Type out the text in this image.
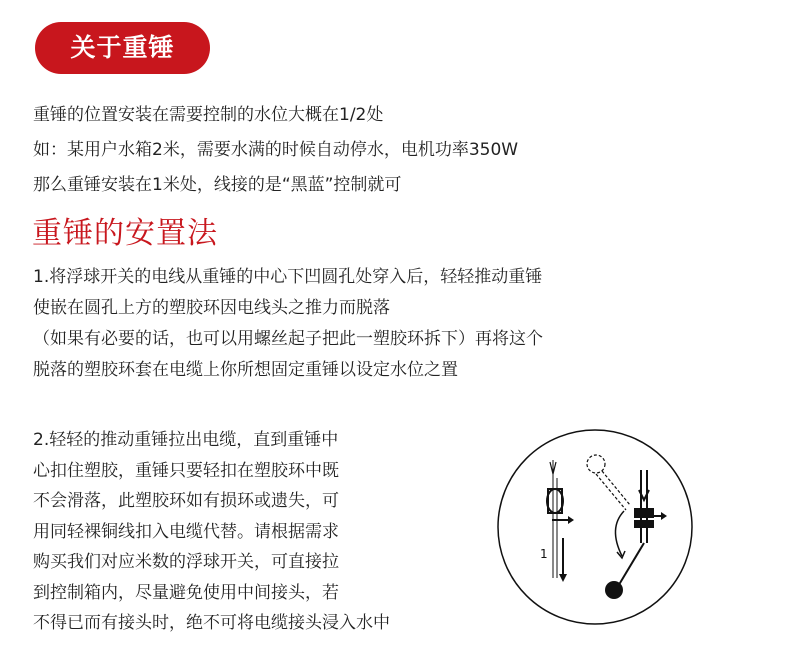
关于重锤

重锤的位置安装在需要控制的水位大概在1/2处

如：某用户水箱2米，需要水满的时候自动停水，电机功率350W

那么重锤安装在1米处，线接的是“黑蓝”控制就可

重锤的安置法

1.将浮球开关的电线从重锤的中心下凹圆孔处穿入后，轻轻推动重锤

使嵌在圆孔上方的塑胶环因电线头之推力而脱落

（如果有必要的话，也可以用螺丝起子把此一塑胶环拆下）再将这个

脱落的塑胶环套在电缆上你所想固定重锤以设定水位之置

2.轻轻的推动重锤拉出电缆，直到重锤中

心扣住塑胶，重锤只要轻扣在塑胶环中既

不会滑落，此塑胶环如有损环或遗失，可

用同轻裸铜线扣入电缆代替。请根据需求

购买我们对应米数的浮球开关，可直接拉

到控制箱内，尽量避免使用中间接头，若

不得已而有接头时，绝不可将电缆接头浸入水中

1
